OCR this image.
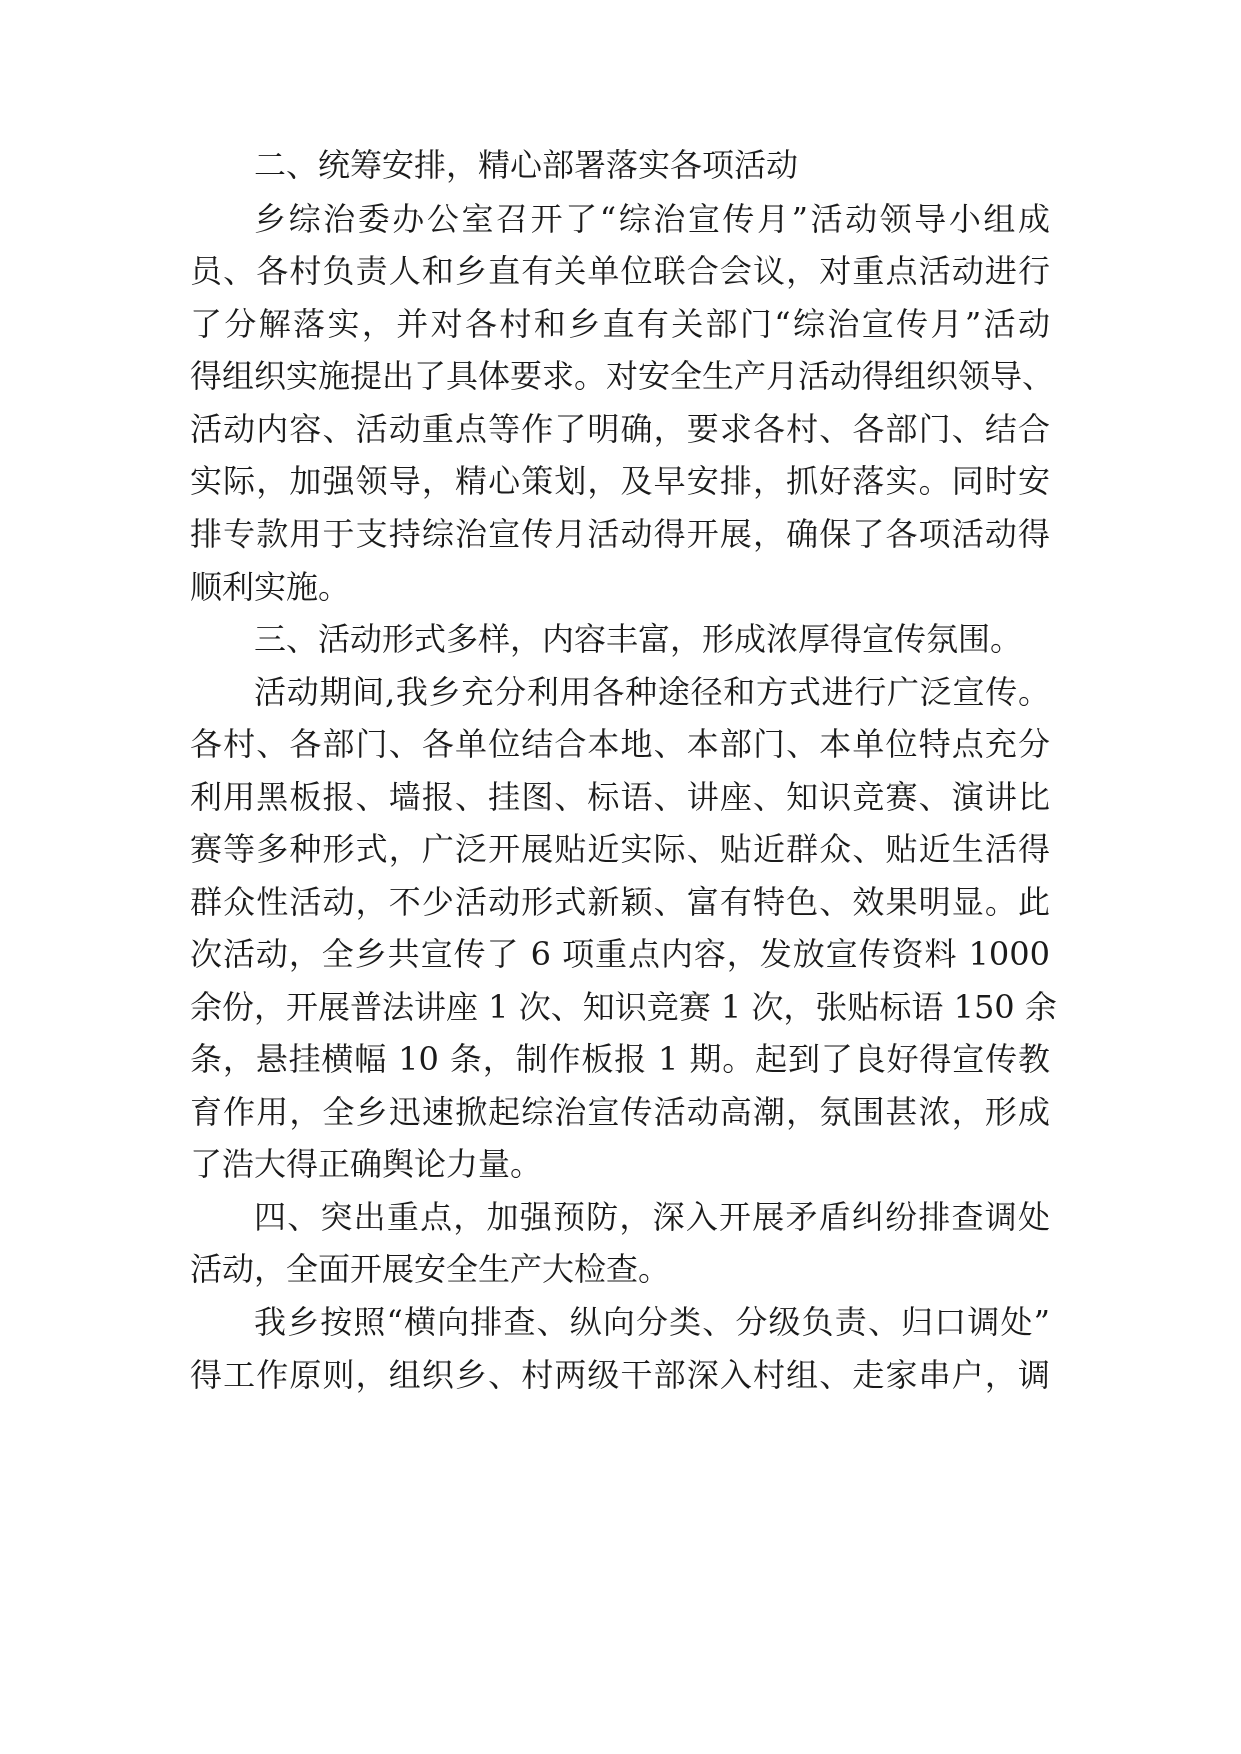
二、统筹安排，精心部署落实各项活动

乡综治委办公室召开了“综治宣传月”活动领导小组成

员、各村负责人和乡直有关单位联合会议，对重点活动进行

了分解落实，并对各村和乡直有关部门“综治宣传月”活动

得组织实施提出了具体要求。对安全生产月活动得组织领导、

活动内容、活动重点等作了明确，要求各村、各部门、结合

实际，加强领导，精心策划，及早安排，抓好落实。同时安

排专款用于支持综治宣传月活动得开展，确保了各项活动得

顺利实施。

三、活动形式多样，内容丰富，形成浓厚得宣传氛围。

活动期间,我乡充分利用各种途径和方式进行广泛宣传。

各村、各部门、各单位结合本地、本部门、本单位特点充分

利用黑板报、墙报、挂图、标语、讲座、知识竞赛、演讲比

赛等多种形式，广泛开展贴近实际、贴近群众、贴近生活得

群众性活动，不少活动形式新颖、富有特色、效果明显。此

次活动，全乡共宣传了 6 项重点内容，发放宣传资料 1000

余份，开展普法讲座 1 次、知识竞赛 1 次，张贴标语 150 余

条，悬挂横幅 10 条，制作板报 1 期。起到了良好得宣传教

育作用，全乡迅速掀起综治宣传活动高潮，氛围甚浓，形成

了浩大得正确舆论力量。

四、突出重点，加强预防，深入开展矛盾纠纷排查调处

活动，全面开展安全生产大检查。

我乡按照“横向排查、纵向分类、分级负责、归口调处”

得工作原则，组织乡、村两级干部深入村组、走家串户，调
